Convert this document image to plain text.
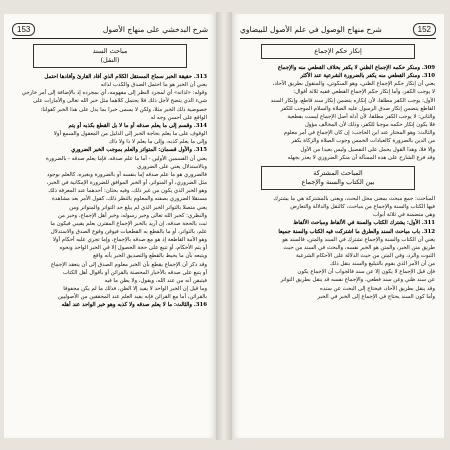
شرح البدخشي على منهاج الأصول
153
مباحث السند
(النقل)
313. حقيقة الخبر سماع المستقل الكلام الذي أفاد القارئ وأفادها احتمل
يعني أن الخبر هو ما احتمل الصدق والكذب لذاته
وقوله: «لذاته» أي لمجرد النظر إلى مفهومه، أي بمجرده إذ بالإضافة إلى أمر خارجي
شيء الذي يتضح لأجل ذلك فلا يحتمل كلاهما مثل خبر الله تعالى والأمارات على
خصوصية ذلك الخبر مثلا، ولكن لا يسمى خبرا بما يدل على هذا الخبر كقولنا:
الواقع على أحسن وجه له
314. وقسم إلى ما يعلم صدقه أو ما لا بل القطع بكذبه أو يتم
الوقوف على ما يعلم بحاجة الخبر إلى الدليل من المعقول والسمع أولا
وإلى ما يعلم كذبه، وإلى ما يعلم لا ذا ولا ذاك
315. والأول قسمان: المتواتر والعلم بموجب الخبر الضروري
يعني أن القسمين الأولين - أما ما علم صدقه، فإما يعلم صدقه - بالضرورة
وبالاستدلال يعني على الضروري
فالضروري هو ما علم صدقه إما بنفسه أو بالضرورة وبغيره، كالعلم بوجود
مثل الضروري، أو المتواتر، أو الخبر الموافق للضرورة الإمكانية في الخبر،
وهو الخبر الذي يكون من غير ذلك، وفيه بحثان: أحدهما عند المعرفة ذلك
مستقلا الضروري بصفته والمعلوم بالنظر ذلك، كقول الأمر بعد مشاهدة
يعني متصلا بالتواتر الخبر الذي لم يبلغ حد التواتر والمتواتر ومن
والنظري: كخبر الله تعالى وخبر رسوله، وخبر أهل الإجماع، وخبر من
ثبت بالحجة صدقه، إن أريد بالخبر الإجماع المقترن بعلم يقيني فيكون ما
علم، بالتواتر، أو ما بالقطع به القطعيات فيوقن وقوع الصدق والاستدلال
وهو الأمة القاطعة إذ هو مع صدقه بالإجماع، وإما تجري عليه أحكام أولا
أو يتم الأحكام، أو تتبع على حجة الحصول إلا في الخبر الواحد ونحوه
ويتبعه بأن ما يحيط بالقطع والتصديق الخبر بأنه واقع
وقد ذكر أن الإجماع يقطع بأن الخبر معلوم الصدق إلى أن ينعقد الإجماع
أو يتبع على صدقه بالأخبار المحصنة بالقرائن أو بأقوال أهل الكتاب
فيتيقن أنه من عند الله، ويقول، ولا يظن ما فيه
وما قيل إن الخبر الواحد لا يفيد إلا الظن، فذلك ما لم يكن محفوفا
بالقرائن، أما مع القرائن فإنه يفيد العلم عند المحققين من الأصوليين
316. والثالث: ما لا يعلم صدقه ولا كذبه وهو خبر الواحد عند أهله
152
شرح منهاج الوصول في علم الأصول للبيضاوي
إنكار حكم الإجماع
309. ومنكر حكمه الإجماع الظني لا يكفر بخلاف القطعي منه والإجماع
310. ومنكر القطعي منه يكفر بالضرورة الشرعية عند الأكثر
يعني أن إنكار حكم الإجماع الظني، وهو السكوتي، والمنقول بطريق الآحاد،
لا يوجب الكفر، وأما إنكار حكم الإجماع القطعي ففيه ثلاثة أقوال:
الأول: يوجب الكفر مطلقا، لأن إنكاره يتضمن إنكار سند قاطع، وإنكار السند
القاطع يتضمن إنكار صدق الرسول عليه الصلاة والسلام الموجب للكفر
والثاني: لا يوجب الكفر مطلقا، لأن أدلة أصل الإجماع ليست بقطعية
فلا يكون إنكار حكمه موجبا للكفر، وذلك لأن المخالف مؤول
والثالث: وهو المختار عند ابن الحاجب: إن كان الإجماع في أمر معلوم
من الدين بالضرورة كالعبادات الخمس وجوب الصلاة والزكاة يكفر
وإلا فلا، وهذا القول يحمل على التفصيل وليس بعيدا من الأول
وقد فرع الشارح على هذه المسألة أن منكر الضروري لا يعذر بجهله
المباحث المشتركة
بين الكتاب والسنة والإجماع
المباحث: جمع مبحث بمعنى محل البحث، ويعنى بالمشتركة هي ما يشترك
فيها الكتاب والسنة والإجماع من مباحث، كالنقل والدلالة والتعارض
وهي متضمنة في ثلاثة أبواب
311. الأول: يشترك الكتاب والسنة في الألفاظ ومباحث الألفاظ
312. باب مباحث السند والطرق ما اشتركت فيه الكتاب والسنة جميعا
يعني أن الكتاب والسنة والإجماع تشترك في السند والمتن، فالسند هو
طريق متن الخبر، والمتن هو الخبر نفسه، والبحث في السند من حيث
الثبوت والرد، وفي المتن من حيث الدلالة على الأحكام الشرعية
من أن الأمر الذي يقوم بالتبليغ والسند بنقل ذلك
فإن قيل الإجماع لا يكون إلا عن سند فالجواب أن الإجماع يكون
عن سند ظني وعن سند قطعي، والإجماع نفسه قد ينقل بطريق التواتر
وقد ينقل بطريق الآحاد، فيحتاج إلى البحث عن سنده
وأما كون السند يحتاج في الإجماع إلى الخبر في الخبر
